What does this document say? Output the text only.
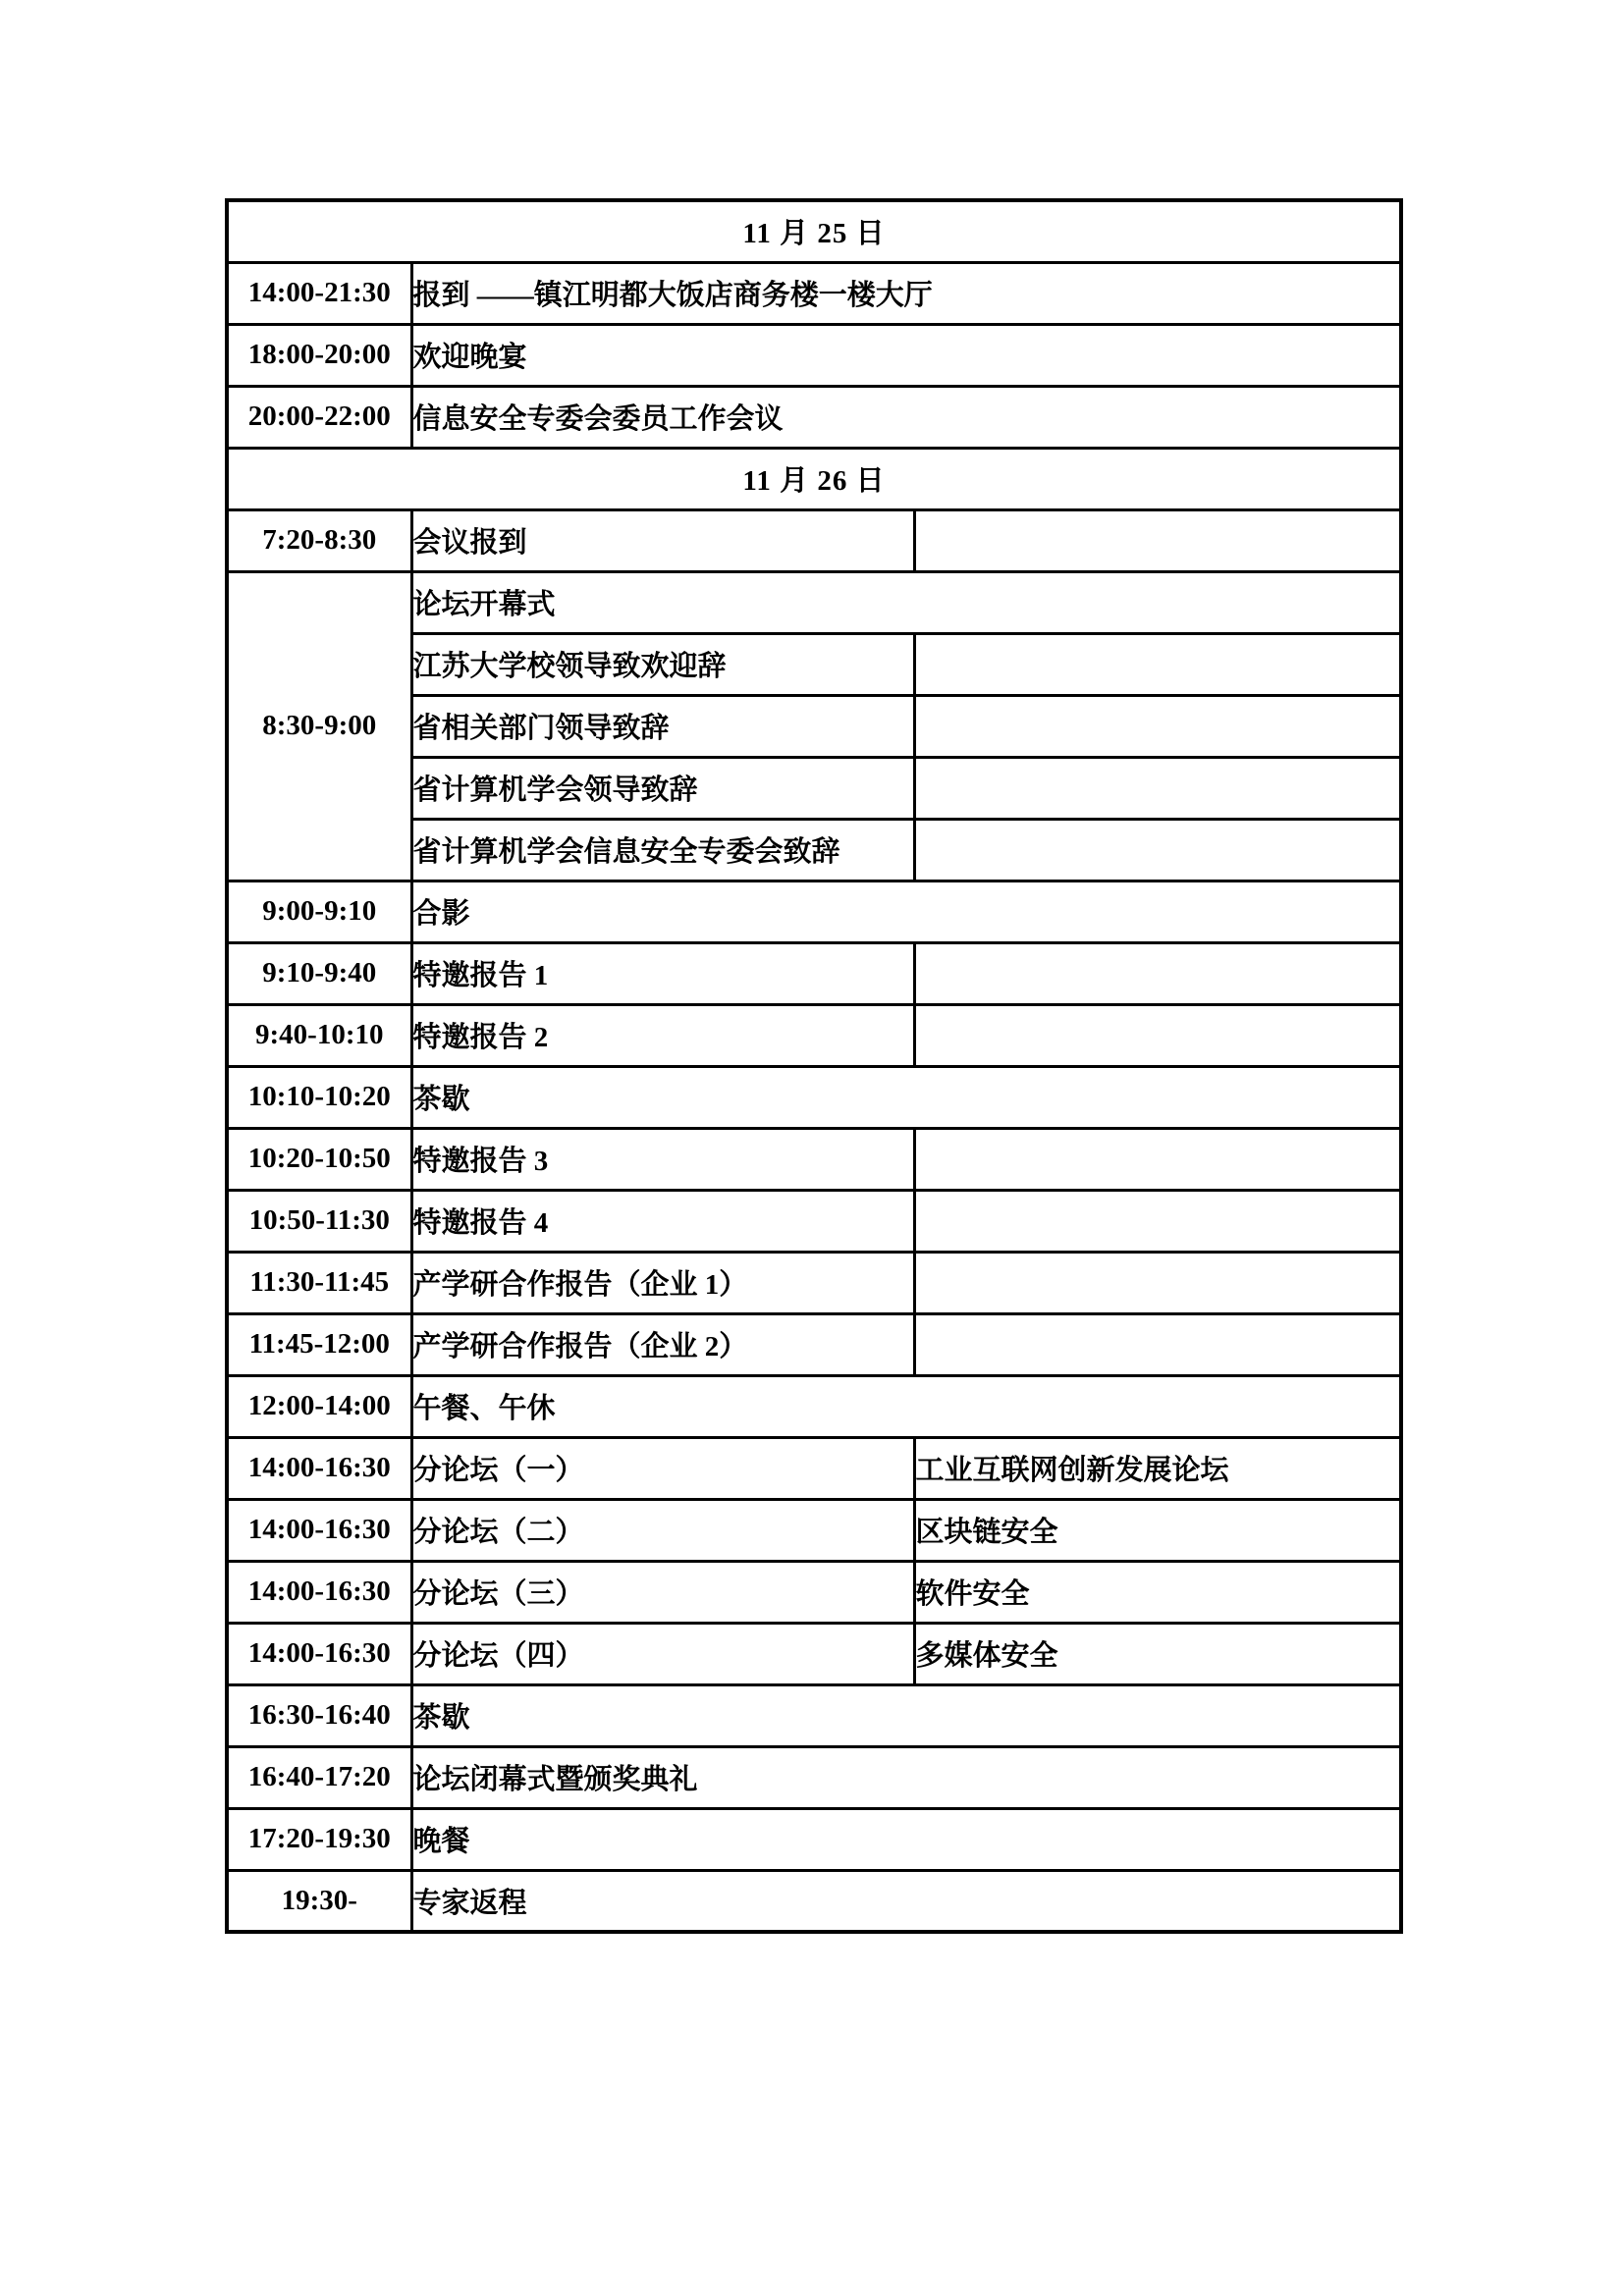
11 月 25 日		
14:00-21:30	报到 ——镇江明都大饭店商务楼一楼大厅	
18:00-20:00	欢迎晚宴	
20:00-22:00	信息安全专委会委员工作会议	
11 月 26 日		
7:20-8:30	会议报到	
8:30-9:00	论坛开幕式	
	江苏大学校领导致欢迎辞	
	省相关部门领导致辞	
	省计算机学会领导致辞	
	省计算机学会信息安全专委会致辞	
9:00-9:10	合影	
9:10-9:40	特邀报告 1	
9:40-10:10	特邀报告 2	
10:10-10:20	茶歇	
10:20-10:50	特邀报告 3	
10:50-11:30	特邀报告 4	
11:30-11:45	产学研合作报告（企业 1）	
11:45-12:00	产学研合作报告（企业 2）	
12:00-14:00	午餐、午休	
14:00-16:30	分论坛（一）	工业互联网创新发展论坛
14:00-16:30	分论坛（二）	区块链安全
14:00-16:30	分论坛（三）	软件安全
14:00-16:30	分论坛（四）	多媒体安全
16:30-16:40	茶歇	
16:40-17:20	论坛闭幕式暨颁奖典礼	
17:20-19:30	晚餐	
19:30-	专家返程	
